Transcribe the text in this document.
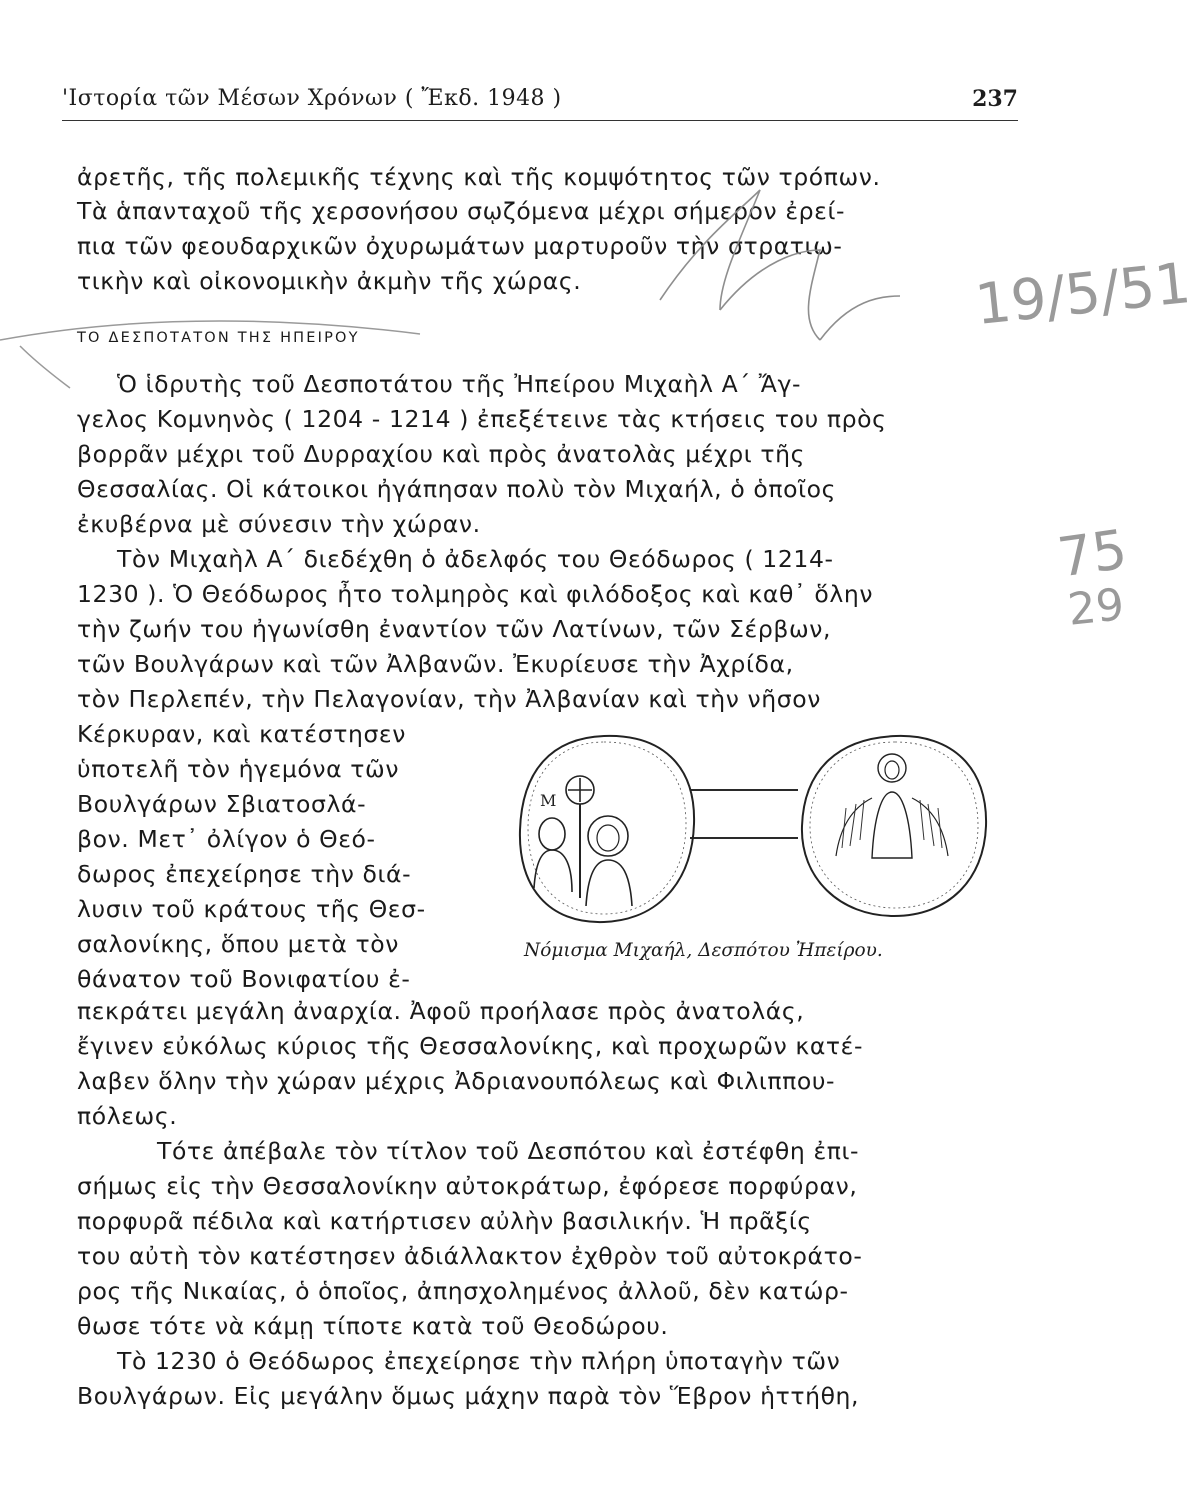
'Ιστορία τῶν Μέσων Χρόνων ( Ἔκδ. 1948 )	237
ἀρετῆς, τῆς πολεμικῆς τέχνης καὶ τῆς κομψότητος τῶν τρόπων.
Τὰ ἁπανταχοῦ τῆς χερσονήσου σῳζόμενα μέχρι σήμερον ἐρεί-
πια τῶν φεουδαρχικῶν ὀχυρωμάτων μαρτυροῦν τὴν στρατιω-
τικὴν καὶ οἰκονομικὴν ἀκμὴν τῆς χώρας.
ΤΟ ΔΕΣΠΟΤΑΤΟΝ ΤΗΣ ΗΠΕΙΡΟΥ
Ὁ ἱδρυτὴς τοῦ Δεσποτάτου τῆς Ἠπείρου Μιχαὴλ Α΄ Ἄγ-
γελος Κομνηνὸς ( 1204 - 1214 ) ἐπεξέτεινε τὰς κτήσεις του πρὸς
βορρᾶν μέχρι τοῦ Δυρραχίου καὶ πρὸς ἀνατολὰς μέχρι τῆς
Θεσσαλίας. Οἱ κάτοικοι ἠγάπησαν πολὺ τὸν Μιχαήλ, ὁ ὁποῖος
ἐκυβέρνα μὲ σύνεσιν τὴν χώραν.
Τὸν Μιχαὴλ Α΄ διεδέχθη ὁ ἀδελφός του Θεόδωρος ( 1214-
1230 ). Ὁ Θεόδωρος ἦτο τολμηρὸς καὶ φιλόδοξος καὶ καθ᾽ ὅλην
τὴν ζωήν του ἠγωνίσθη ἐναντίον τῶν Λατίνων, τῶν Σέρβων,
τῶν Βουλγάρων καὶ τῶν Ἀλβανῶν. Ἐκυρίευσε τὴν Ἀχρίδα,
τὸν Περλεπέν, τὴν Πελαγονίαν, τὴν Ἀλβανίαν καὶ τὴν νῆσον
Κέρκυραν, καὶ κατέστησεν
ὑποτελῆ τὸν ἡγεμόνα τῶν
Βουλγάρων Σβιατοσλά-
βον. Μετ᾽ ὀλίγον ὁ Θεό-
δωρος ἐπεχείρησε τὴν διά-
λυσιν τοῦ κράτους τῆς Θεσ-
σαλονίκης, ὅπου μετὰ τὸν
θάνατον τοῦ Βονιφατίου ἐ-
πεκράτει μεγάλη ἀναρχία. Ἀφοῦ προήλασε πρὸς ἀνατολάς,
ἔγινεν εὐκόλως κύριος τῆς Θεσσαλονίκης, καὶ προχωρῶν κατέ-
λαβεν ὅλην τὴν χώραν μέχρις Ἀδριανουπόλεως καὶ Φιλιππου-
πόλεως.
Τότε ἀπέβαλε τὸν τίτλον τοῦ Δεσπότου καὶ ἐστέφθη ἐπι-
σήμως εἰς τὴν Θεσσαλονίκην αὐτοκράτωρ, ἐφόρεσε πορφύραν,
πορφυρᾶ πέδιλα καὶ κατήρτισεν αὐλὴν βασιλικήν. Ἡ πρᾶξίς
του αὐτὴ τὸν κατέστησεν ἀδιάλλακτον ἐχθρὸν τοῦ αὐτοκράτο-
ρος τῆς Νικαίας, ὁ ὁποῖος, ἀπησχολημένος ἀλλοῦ, δὲν κατώρ-
θωσε τότε νὰ κάμῃ τίποτε κατὰ τοῦ Θεοδώρου.
Τὸ 1230 ὁ Θεόδωρος ἐπεχείρησε τὴν πλήρη ὑποταγὴν τῶν
Βουλγάρων. Εἰς μεγάλην ὅμως μάχην παρὰ τὸν Ἕβρον ἡττήθη,
Μ
Νόμισμα Μιχαήλ, Δεσπότου Ἠπείρου.
19/5/51
75
29
